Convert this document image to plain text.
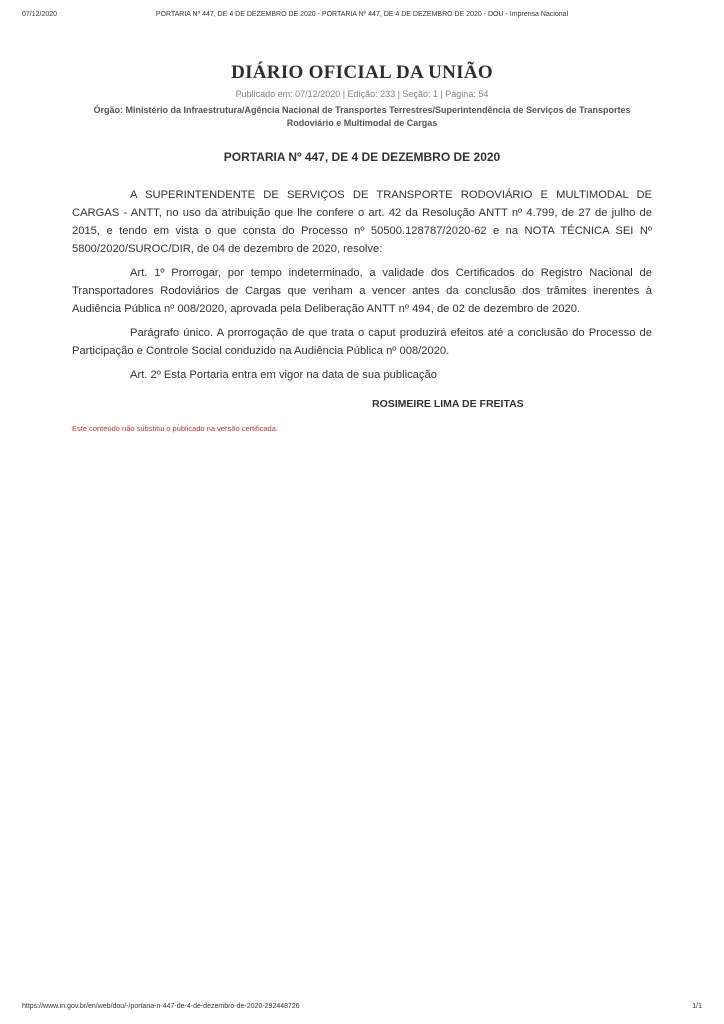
07/12/2020	PORTARIA Nº 447, DE 4 DE DEZEMBRO DE 2020 - PORTARIA Nº 447, DE 4 DE DEZEMBRO DE 2020 - DOU - Imprensa Nacional
DIÁRIO OFICIAL DA UNIÃO
Publicado em: 07/12/2020 | Edição: 233 | Seção: 1 | Página: 54
Órgão: Ministério da Infraestrutura/Agência Nacional de Transportes Terrestres/Superintendência de Serviços de Transportes Rodoviário e Multimodal de Cargas
PORTARIA Nº 447, DE 4 DE DEZEMBRO DE 2020

A SUPERINTENDENTE DE SERVIÇOS DE TRANSPORTE RODOVIÁRIO E MULTIMODAL DE CARGAS - ANTT, no uso da atribuição que lhe confere o art. 42 da Resolução ANTT nº 4.799, de 27 de julho de 2015, e tendo em vista o que consta do Processo nº 50500.128787/2020-62 e na NOTA TÉCNICA SEI Nº 5800/2020/SUROC/DIR, de 04 de dezembro de 2020, resolve:

Art. 1º Prorrogar, por tempo indeterminado, a validade dos Certificados do Registro Nacional de Transportadores Rodoviários de Cargas que venham a vencer antes da conclusão dos trâmites inerentes à Audiência Pública nº 008/2020, aprovada pela Deliberação ANTT nº 494, de 02 de dezembro de 2020.

Parágrafo único. A prorrogação de que trata o caput produzirá efeitos até a conclusão do Processo de Participação e Controle Social conduzido na Audiência Pública nº 008/2020.

Art. 2º Esta Portaria entra em vigor na data de sua publicação

ROSIMEIRE LIMA DE FREITAS
Este conteúdo não substitui o publicado na versão certificada.
https://www.in.gov.br/en/web/dou/-/portaria-n-447-de-4-de-dezembro-de-2020-292448726	1/1
